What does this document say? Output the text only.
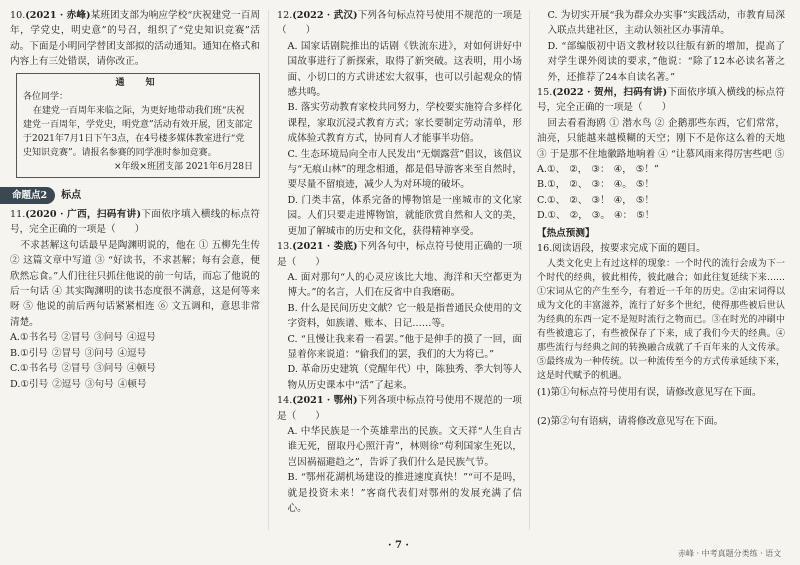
10.(2021 · 赤峰)某班团支部为响应学校“庆祝建党一百周年，学党史，明史意”的号召，组织了“党史知识竞赛”活动。下面是小明同学替团支部拟的活动通知。通知在格式和内容上有三处错误，请你改正。

通　知
各位同学：
在建党一百周年来临之际，为更好地带动我们班“庆祝建党一百周年，学党史，明党意”活动有效开展，团支部定于2021年7月1日下午3点，在4号楼多媒体教室进行“党史知识竞赛”。请报名参赛的同学准时参加竞赛。
×年级×班团支部 2021年6月28日
命题点2	标点

11.(2020 · 广西，扫码有讲)下面依序填入横线的标点符号，完全正确的一项是（　　）

不求甚解这句话最早是陶渊明说的，他在 ① 五柳先生传 ② 这篇文章中写道 ③ “好读书，不求甚解；每有会意，便欣然忘食。”人们往往只抓住他说的前一句话，而忘了他说的后一句话 ④ 其实陶渊明的读书态度很不满意，这是何等来呀 ⑤ 他说的前后两句话紧紧相连 ⑥ 文五调和，意思非常清楚。

A.①书名号 ②冒号 ③问号 ④逗号
B.①引号 ②冒号 ③问号 ④逗号
C.①书名号 ②冒号 ③问号 ④顿号
D.①引号 ②逗号 ③句号 ④顿号

12.(2022 · 武汉)下列各句标点符号使用不规范的一项是（　　）

A. 国家话剧院推出的话剧《铁流东进》，对如何讲好中国故事进行了新探索，取得了新突破。这表明，用小场面、小切口的方式讲述宏大叙事，也可以引起观众的情感共鸣。

B. 落实劳动教育家校共同努力，学校要实施符合多样化课程，家取沉浸式教育方式；家长要制定劳动清单，形成体验式教育方式，协同育人才能事半功倍。

C. 生态环境局向全市人民发出“无烟露营”倡议，该倡议与“无痕山林”的理念相通，都是倡导游客来至自然时，要尽量不留痕迹，减少人为对环境的破坏。

D. 门类丰富，体系完备的博物馆是一座城市的文化家园。人们只要走进博物馆，就能欣赏自然和人文的美，更加了解城市的历史和文化，获得精神享受。

13.(2021 · 娄底)下列各句中，标点符号使用正确的一项是（　　）

A. 面对那句“人的心灵应该比大地、海洋和天空都更为博大。”的名言，人们在反省中自我磨砺。

B. 什么是民间历史文献？它一般是指普通民众使用的文字资料，如族谱、账本、日记……等。

C. “且慢让我来看一看罢。”他于是伸手的摸了一回，面显着你来说道：“偷我们的罢，我们的大为将已。”

D. 革命历史建筑（党醒年代）中，陈独秀、季大钊等人物从历史课本中“活”了起来。

14.(2021 · 鄂州)下列各项中标点符号使用不规范的一项是（　　）

A. 中华民族是一个英雄辈出的民族。文天祥“人生自古谁无死，留取丹心照汗青”，林则徐“苟利国家生死以，岂因祸福避趋之”，告诉了我们什么是民族气节。

B. “鄂州花湖机场建设的推进速度真快！”“可不是吗，就是投资未来！”客商代表们对鄂州的发展充满了信心。

C. 为切实开展“我为群众办实事”实践活动，市教育局深入联点共建社区，主动认领社区办事清单。

D. “部编版初中语文教材较以往版有新的增加，提高了对学生课外阅读的要求，”他说：“除了12本必读名著之外，还推荐了24本自读名著。”

15.(2022 · 贺州，扫码有讲)下面依序填入横线的标点符号，完全正确的一项是（　　）

回去看看海鸥 ① 潜水鸟 ② 企鹅那些东西，它们常常，油亮，只能越来越模糊的天空；刚下不是你这么着的天地 ③ 于是那不住地徽路地响着 ④ “让慕风雨来得厉害些吧 ⑤

A.①、 ②， ③： ④， ⑤！”
B.①， ②、 ③： ④。 ⑤！
C.①、 ②、 ③！ ④， ⑤！
D.①、 ②， ③。 ④： ⑤！
【热点预测】

16.阅读语段，按要求完成下面的题目。

人类文化史上有过这样的现象：一个时代的流行会成为下一个时代的经典，彼此相传，彼此融合；如此往复延续下来……①宋词从它的产生至今，有着近一千年的历史。②由宋词得以成为文化的丰富滋养，流行了好多个世纪，使得那些被后世认为经典的东西一定不是短时流行之物而已。③在时光的冲刷中有些被遗忘了，有些被保存了下来，成了我们今天的经典。④那些流行与经典之间的转换融合成就了千百年来的人文传承。⑤最终成为一种传统。以一种流传至今的方式传承延续下来，这是时代赋予的机遇。

(1)第①句标点符号使用有误，请修改意见写在下面。

(2)第②句有语病，请将修改意见写在下面。

· 7 ·
赤峰 · 中考真题分类练 · 语文
